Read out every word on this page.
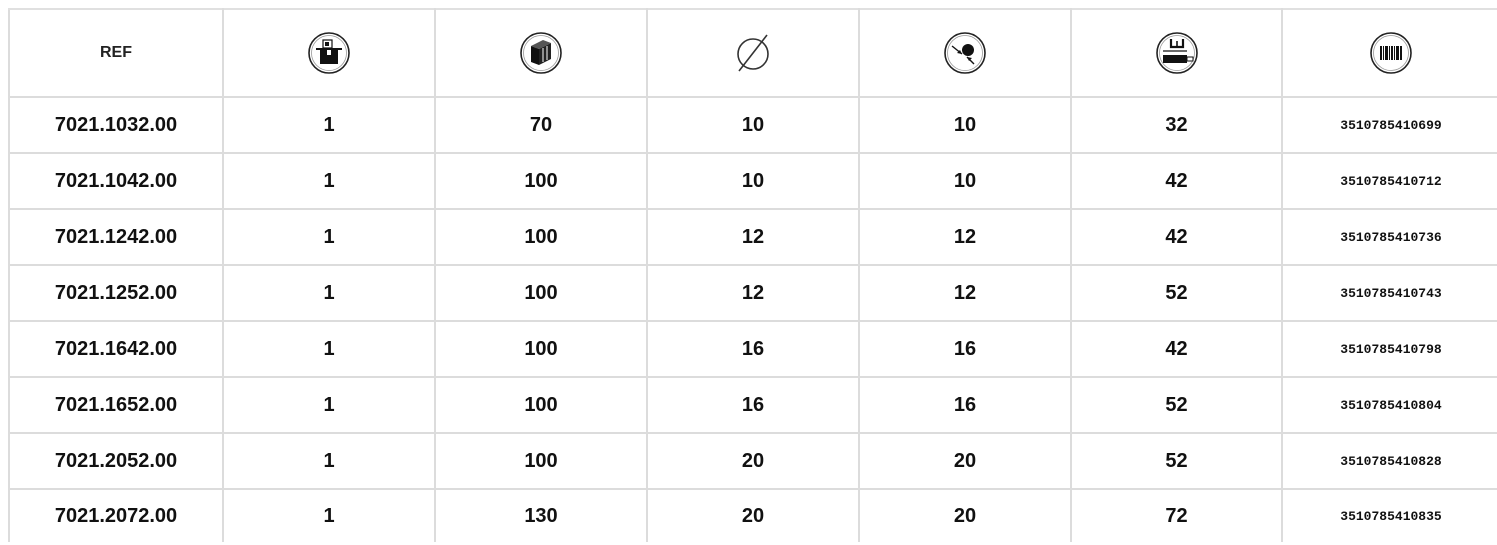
REF						
7021.1032.00	1	70	10	10	32	3510785410699
7021.1042.00	1	100	10	10	42	3510785410712
7021.1242.00	1	100	12	12	42	3510785410736
7021.1252.00	1	100	12	12	52	3510785410743
7021.1642.00	1	100	16	16	42	3510785410798
7021.1652.00	1	100	16	16	52	3510785410804
7021.2052.00	1	100	20	20	52	3510785410828
7021.2072.00	1	130	20	20	72	3510785410835
